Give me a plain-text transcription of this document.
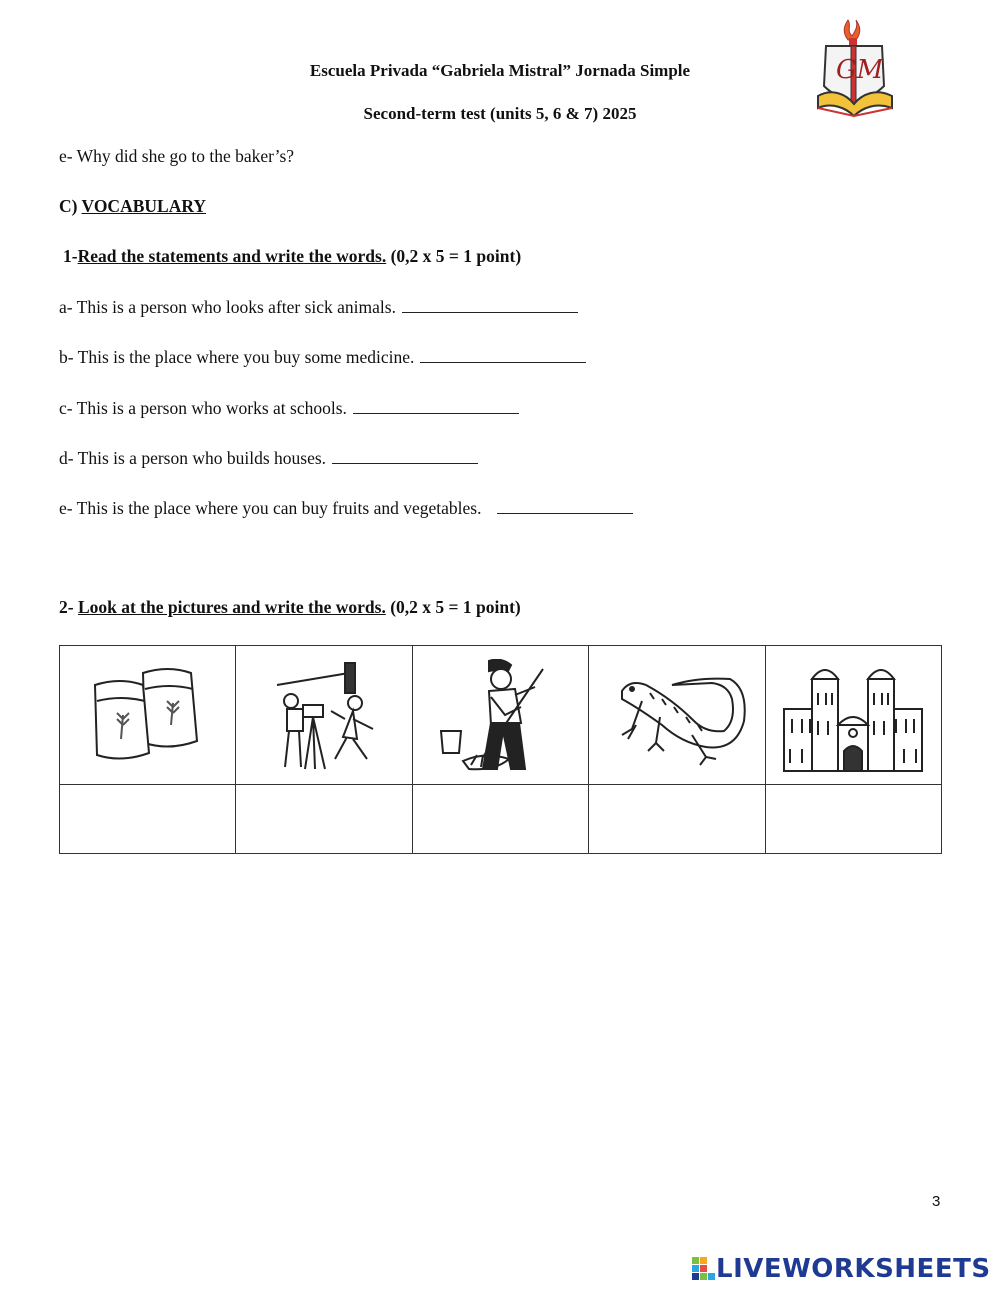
Escuela Privada “Gabriela Mistral” Jornada Simple
Second-term test (units 5, 6 & 7) 2025
GM
e- Why did she go to the baker’s?
C) VOCABULARY
1-Read the statements and write the words. (0,2 x 5 = 1 point)
a- This is a person who looks after sick animals.
b- This is the place where you buy some medicine.
c- This is a person who works at schools.
d- This is a person who builds houses.
e- This is the place where you can buy fruits and vegetables.
2- Look at the pictures and write the words. (0,2 x 5 = 1 point)

3
LIVEWORKSHEETS
